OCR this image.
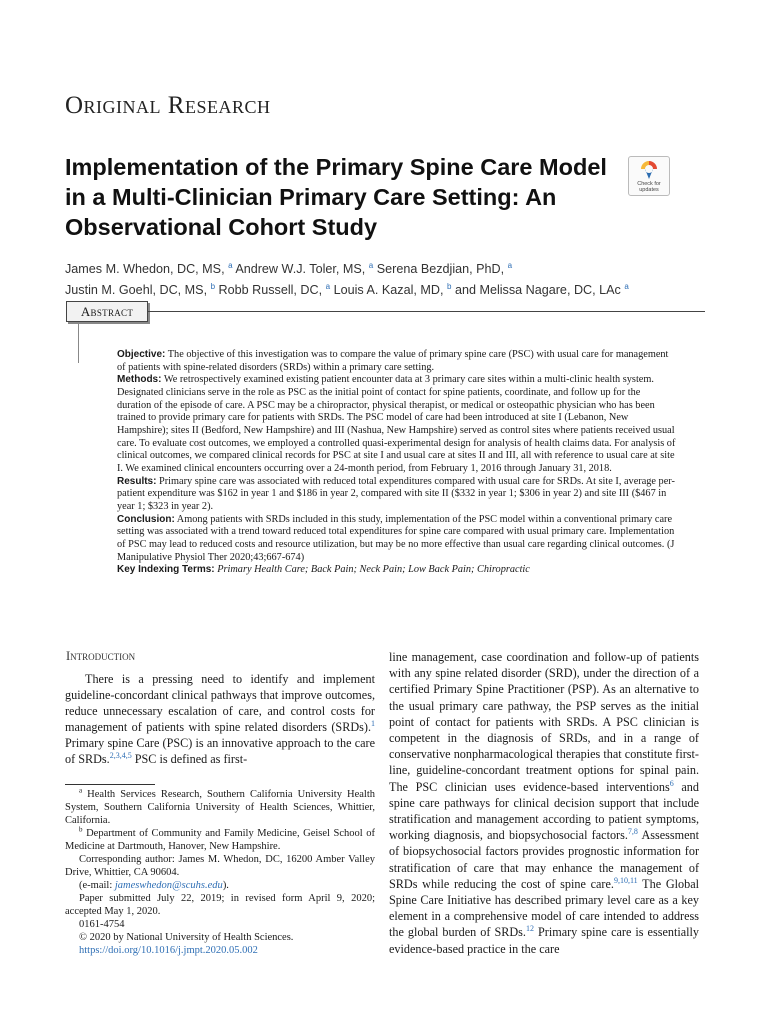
Original Research
Implementation of the Primary Spine Care Model in a Multi-Clinician Primary Care Setting: An Observational Cohort Study
Check for updates
James M. Whedon, DC, MS, $^a$ Andrew W.J. Toler, MS, $^a$ Serena Bezdjian, PhD, $^a$
Justin M. Goehl, DC, MS, $^b$ Robb Russell, DC, $^a$ Louis A. Kazal, MD, $^b$ and Melissa Nagare, DC, LAc $^a$
Abstract

Objective: The objective of this investigation was to compare the value of primary spine care (PSC) with usual care for management of patients with spine-related disorders (SRDs) within a primary care setting.

Methods: We retrospectively examined existing patient encounter data at 3 primary care sites within a multi-clinic health system. Designated clinicians serve in the role as PSC as the initial point of contact for spine patients, coordinate, and follow up for the duration of the episode of care. A PSC may be a chiropractor, physical therapist, or medical or osteopathic physician who has been trained to provide primary care for patients with SRDs. The PSC model of care had been introduced at site I (Lebanon, New Hampshire); sites II (Bedford, New Hampshire) and III (Nashua, New Hampshire) served as control sites where patients received usual care. To evaluate cost outcomes, we employed a controlled quasi-experimental design for analysis of health claims data. For analysis of clinical outcomes, we compared clinical records for PSC at site I and usual care at sites II and III, all with reference to usual care at site I. We examined clinical encounters occurring over a 24-month period, from February 1, 2016 through January 31, 2018.

Results: Primary spine care was associated with reduced total expenditures compared with usual care for SRDs. At site I, average per-patient expenditure was $162 in year 1 and $186 in year 2, compared with site II ($332 in year 1; $306 in year 2) and site III ($467 in year 1; $323 in year 2).

Conclusion: Among patients with SRDs included in this study, implementation of the PSC model within a conventional primary care setting was associated with a trend toward reduced total expenditures for spine care compared with usual primary care. Implementation of PSC may lead to reduced costs and resource utilization, but may be no more effective than usual care regarding clinical outcomes. (J Manipulative Physiol Ther 2020;43;667-674)

Key Indexing Terms: Primary Health Care; Back Pain; Neck Pain; Low Back Pain; Chiropractic

Introduction

There is a pressing need to identify and implement guideline-concordant clinical pathways that improve outcomes, reduce unnecessary escalation of care, and control costs for management of patients with spine related disorders (SRDs).$^1$ Primary spine Care (PSC) is an innovative approach to the care of SRDs.$^{2,3,4,5}$ PSC is defined as first-

$^a$ Health Services Research, Southern California University Health System, Southern California University of Health Sciences, Whittier, California.

$^b$ Department of Community and Family Medicine, Geisel School of Medicine at Dartmouth, Hanover, New Hampshire.

Corresponding author: James M. Whedon, DC, 16200 Amber Valley Drive, Whittier, CA 90604.

(e-mail: jameswhedon@scuhs.edu).

Paper submitted July 22, 2019; in revised form April 9, 2020; accepted May 1, 2020.

0161-4754

© 2020 by National University of Health Sciences.

https://doi.org/10.1016/j.jmpt.2020.05.002

line management, case coordination and follow-up of patients with any spine related disorder (SRD), under the direction of a certified Primary Spine Practitioner (PSP). As an alternative to the usual primary care pathway, the PSP serves as the initial point of contact for patients with SRDs. A PSC clinician is competent in the diagnosis of SRDs, and in a range of conservative nonpharmacological therapies that constitute first-line, guideline-concordant treatment options for spinal pain. The PSC clinician uses evidence-based interventions$^6$ and spine care pathways for clinical decision support that include stratification and management according to patient symptoms, working diagnosis, and biopsychosocial factors.$^{7,8}$ Assessment of biopsychosocial factors provides prognostic information for stratification of care that may enhance the management of SRDs while reducing the cost of spine care.$^{9,10,11}$ The Global Spine Care Initiative has described primary level care as a key element in a comprehensive model of care intended to address the global burden of SRDs.$^{12}$ Primary spine care is essentially evidence-based practice in the care
